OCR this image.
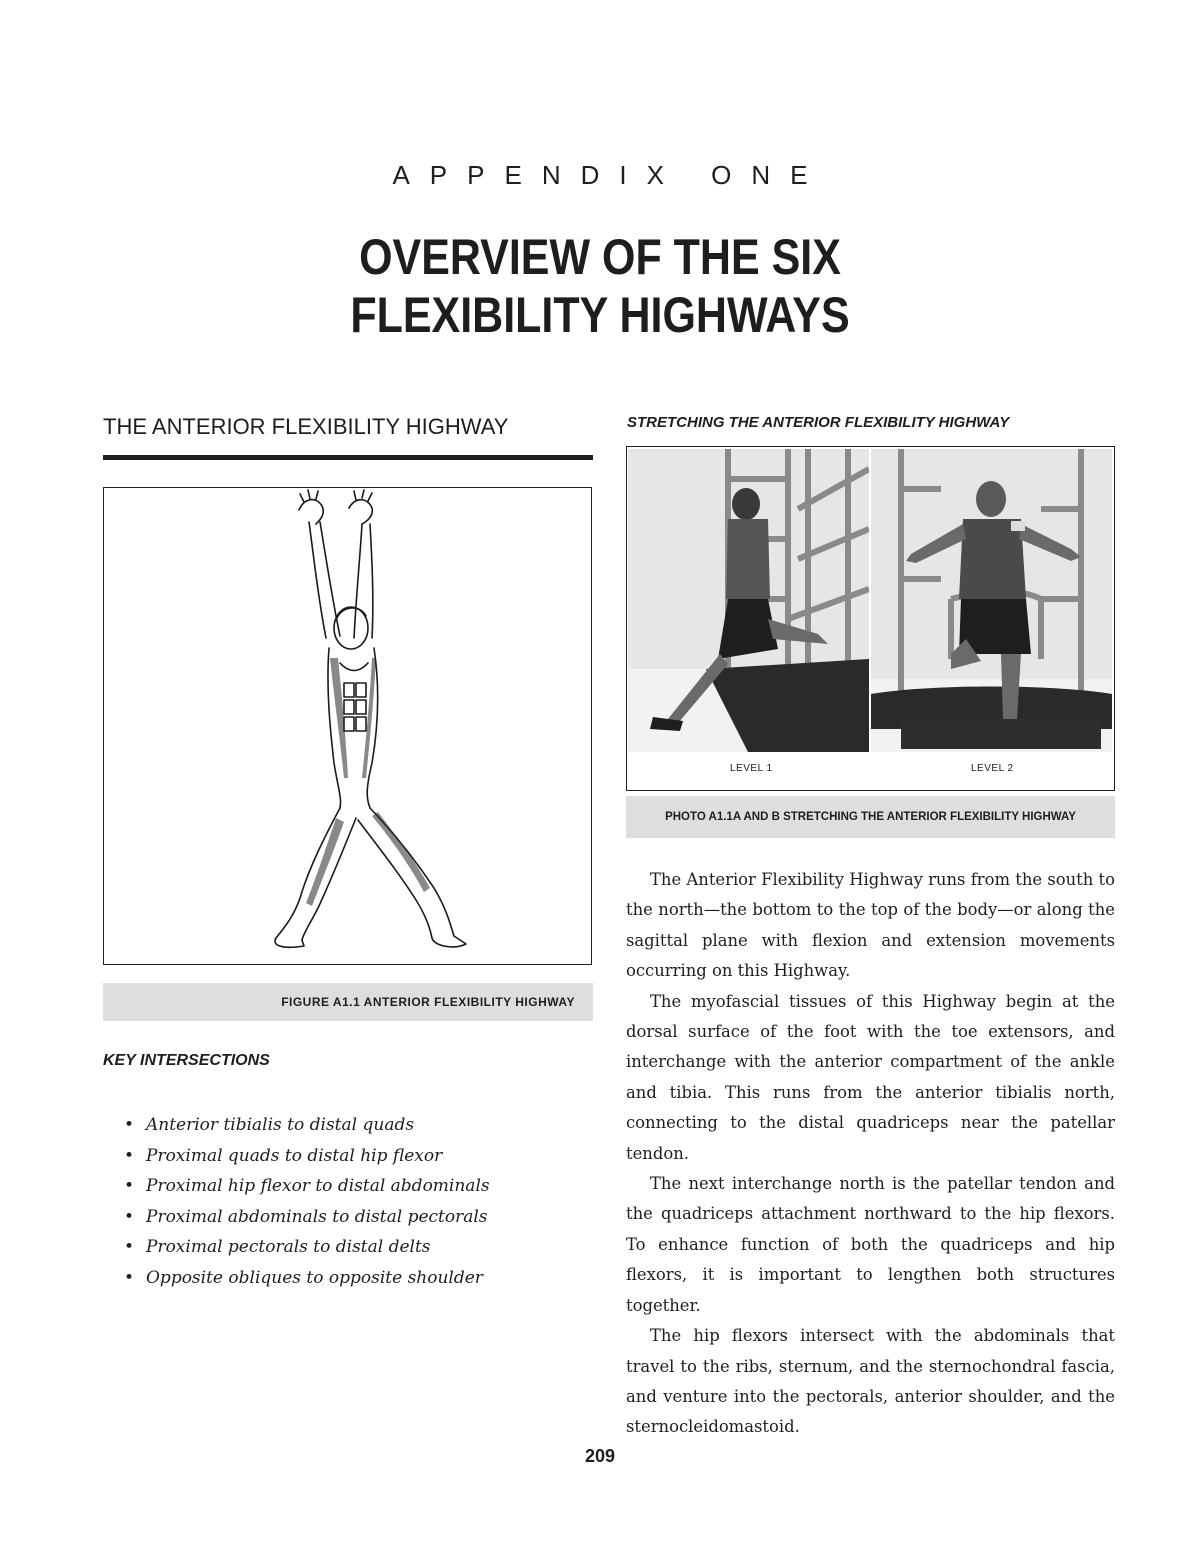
APPENDIX ONE
OVERVIEW OF THE SIX
FLEXIBILITY HIGHWAYS
THE ANTERIOR FLEXIBILITY HIGHWAY
FIGURE A1.1 ANTERIOR FLEXIBILITY HIGHWAY
KEY INTERSECTIONS
• Anterior tibialis to distal quads
• Proximal quads to distal hip flexor
• Proximal hip flexor to distal abdominals
• Proximal abdominals to distal pectorals
• Proximal pectorals to distal delts
• Opposite obliques to opposite shoulder
STRETCHING THE ANTERIOR FLEXIBILITY HIGHWAY
LEVEL 1	LEVEL 2
PHOTO A1.1A AND B STRETCHING THE ANTERIOR FLEXIBILITY HIGHWAY

The Anterior Flexibility Highway runs from the south to the north—the bottom to the top of the body—or along the sagittal plane with flexion and extension movements occurring on this Highway.

The myofascial tissues of this Highway begin at the dorsal surface of the foot with the toe extensors, and interchange with the anterior compartment of the ankle and tibia. This runs from the anterior tibialis north, connecting to the distal quadriceps near the patellar tendon.

The next interchange north is the patellar tendon and the quadriceps attachment northward to the hip flexors. To enhance function of both the quadriceps and hip flexors, it is important to lengthen both structures together.

The hip flexors intersect with the abdominals that travel to the ribs, sternum, and the sternochondral fascia, and venture into the pectorals, anterior shoulder, and the sternocleidomastoid.

209
